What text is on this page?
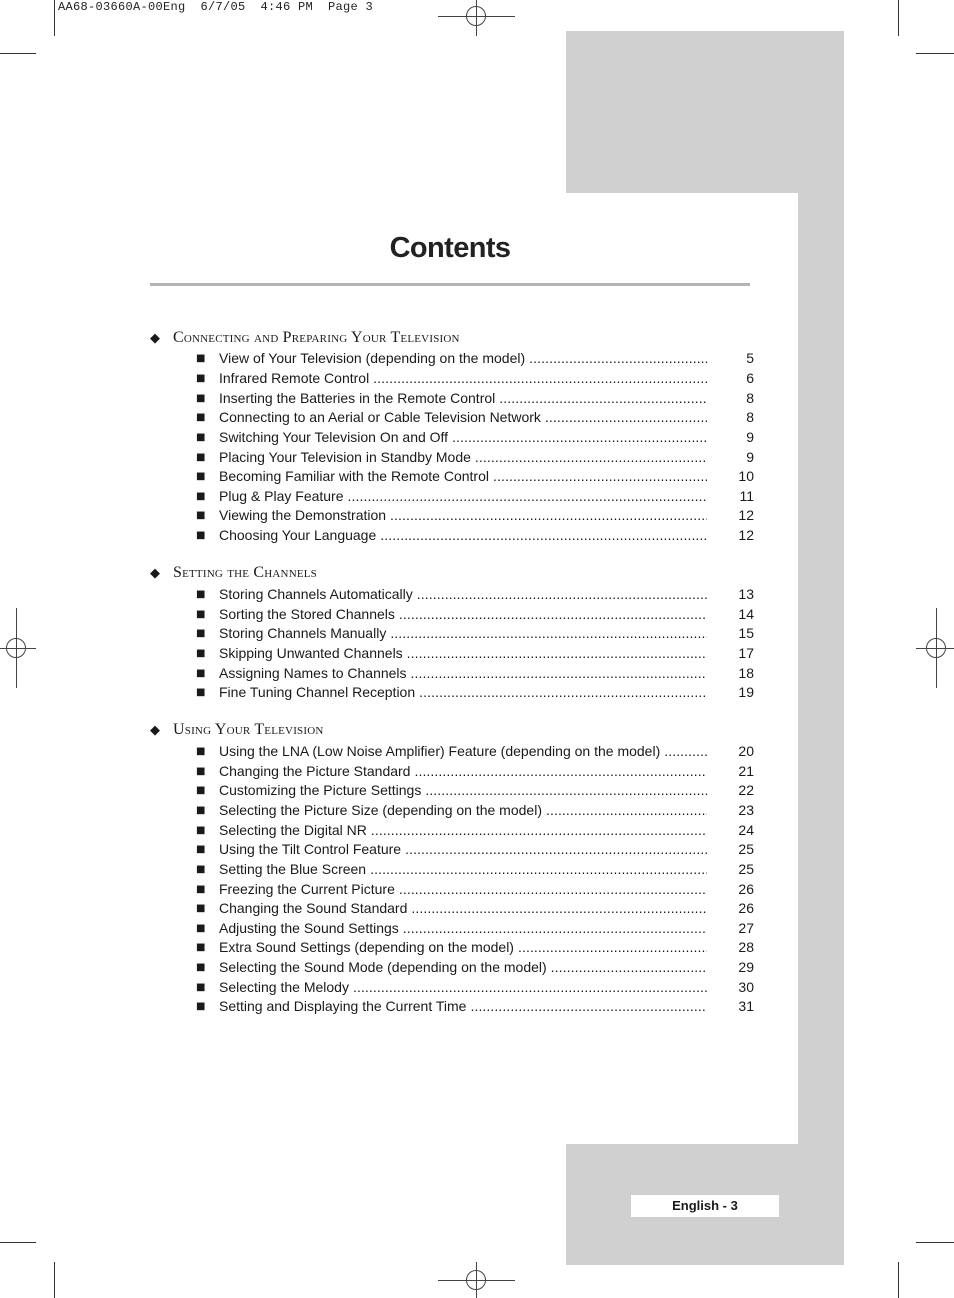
AA68-03660A-00Eng  6/7/05  4:46 PM  Page 3
Contents
◆ Connecting and Preparing Your Television
■ View of Your Television (depending on the model) .....	5
■ Infrared Remote Control .....	6
■ Inserting the Batteries in the Remote Control .....	8
■ Connecting to an Aerial or Cable Television Network .....	8
■ Switching Your Television On and Off .....	9
■ Placing Your Television in Standby Mode .....	9
■ Becoming Familiar with the Remote Control .....	10
■ Plug & Play Feature .....	11
■ Viewing the Demonstration .....	12
■ Choosing Your Language .....	12
◆ Setting the Channels
■ Storing Channels Automatically .....	13
■ Sorting the Stored Channels .....	14
■ Storing Channels Manually .....	15
■ Skipping Unwanted Channels .....	17
■ Assigning Names to Channels .....	18
■ Fine Tuning Channel Reception .....	19
◆ Using Your Television
■ Using the LNA (Low Noise Amplifier) Feature (depending on the model) .....	20
■ Changing the Picture Standard .....	21
■ Customizing the Picture Settings .....	22
■ Selecting the Picture Size (depending on the model) .....	23
■ Selecting the Digital NR .....	24
■ Using the Tilt Control Feature .....	25
■ Setting the Blue Screen .....	25
■ Freezing the Current Picture .....	26
■ Changing the Sound Standard .....	26
■ Adjusting the Sound Settings .....	27
■ Extra Sound Settings (depending on the model) .....	28
■ Selecting the Sound Mode (depending on the model) .....	29
■ Selecting the Melody .....	30
■ Setting and Displaying the Current Time .....	31
English - 3
